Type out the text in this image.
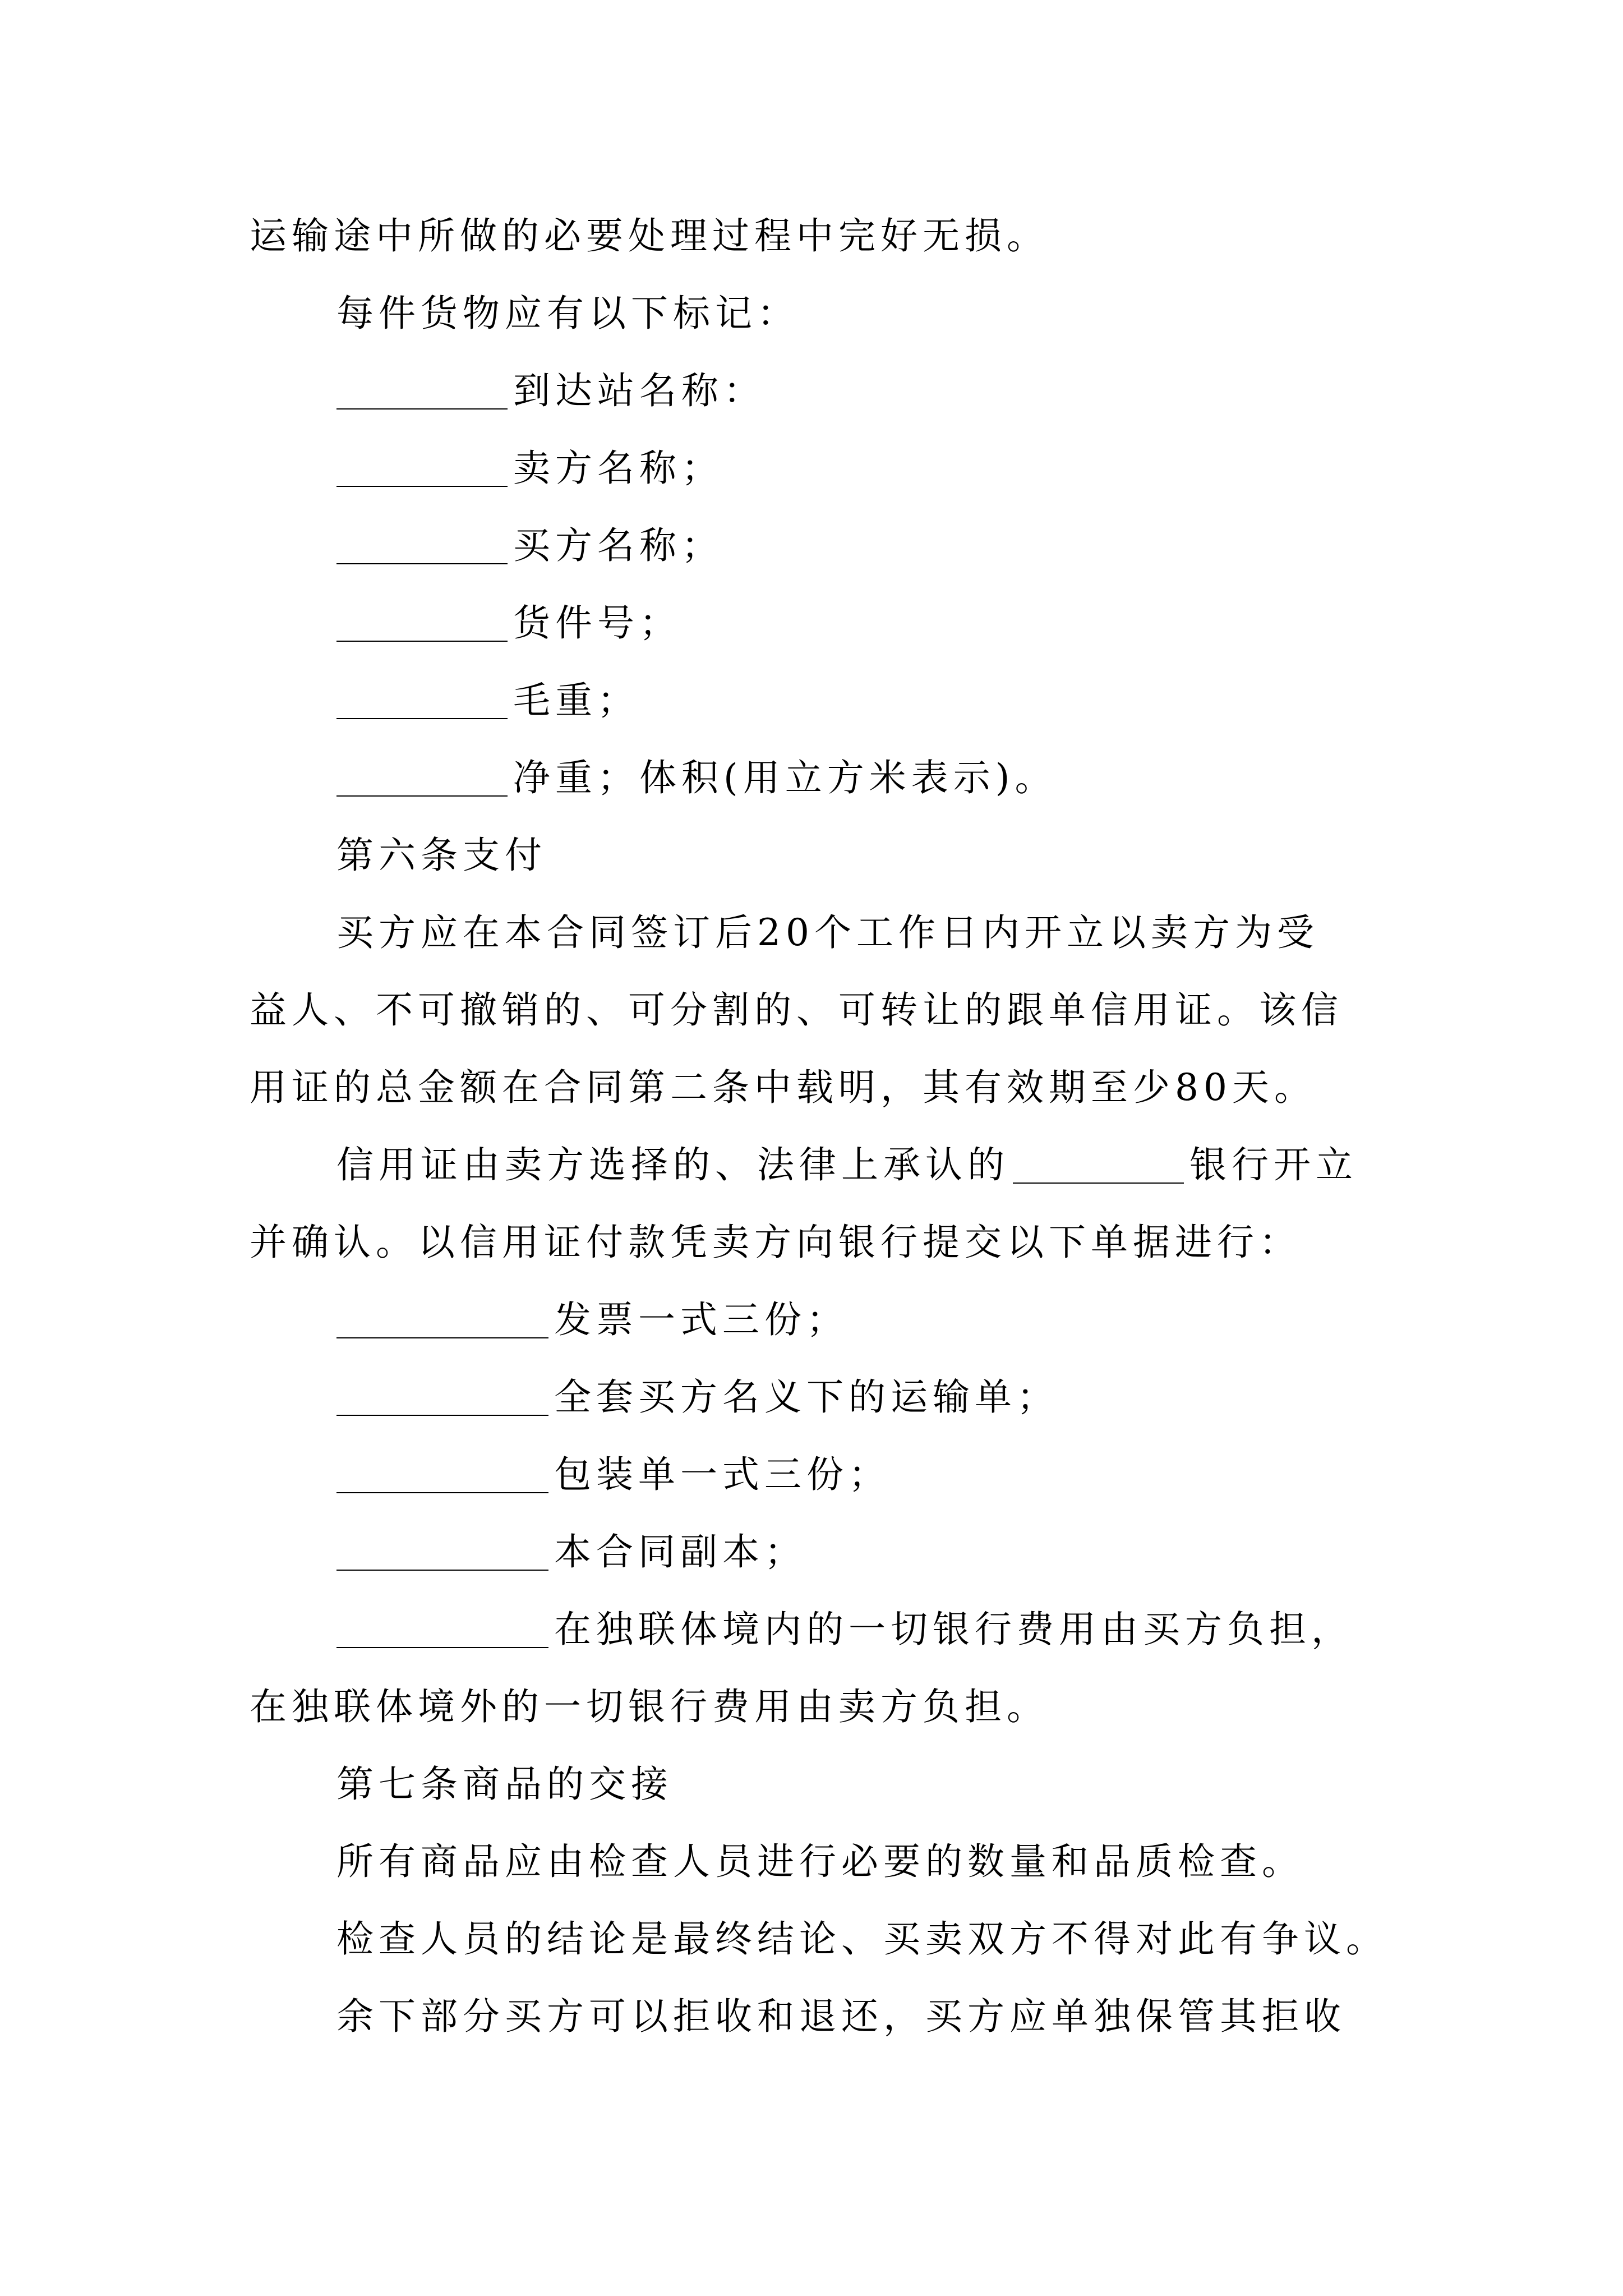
运输途中所做的必要处理过程中完好无损。
每件货物应有以下标记：
到达站名称：
卖方名称；
买方名称；
货件号；
毛重；
净重；体积(用立方米表示)。
第六条支付
买方应在本合同签订后20个工作日内开立以卖方为受
益人、不可撤销的、可分割的、可转让的跟单信用证。该信
用证的总金额在合同第二条中载明，其有效期至少80天。
信用证由卖方选择的、法律上承认的	银行开立
并确认。以信用证付款凭卖方向银行提交以下单据进行：
发票一式三份；
全套买方名义下的运输单；
包装单一式三份；
本合同副本；
在独联体境内的一切银行费用由买方负担，
在独联体境外的一切银行费用由卖方负担。
第七条商品的交接
所有商品应由检查人员进行必要的数量和品质检查。
检查人员的结论是最终结论、买卖双方不得对此有争议。
余下部分买方可以拒收和退还，买方应单独保管其拒收
